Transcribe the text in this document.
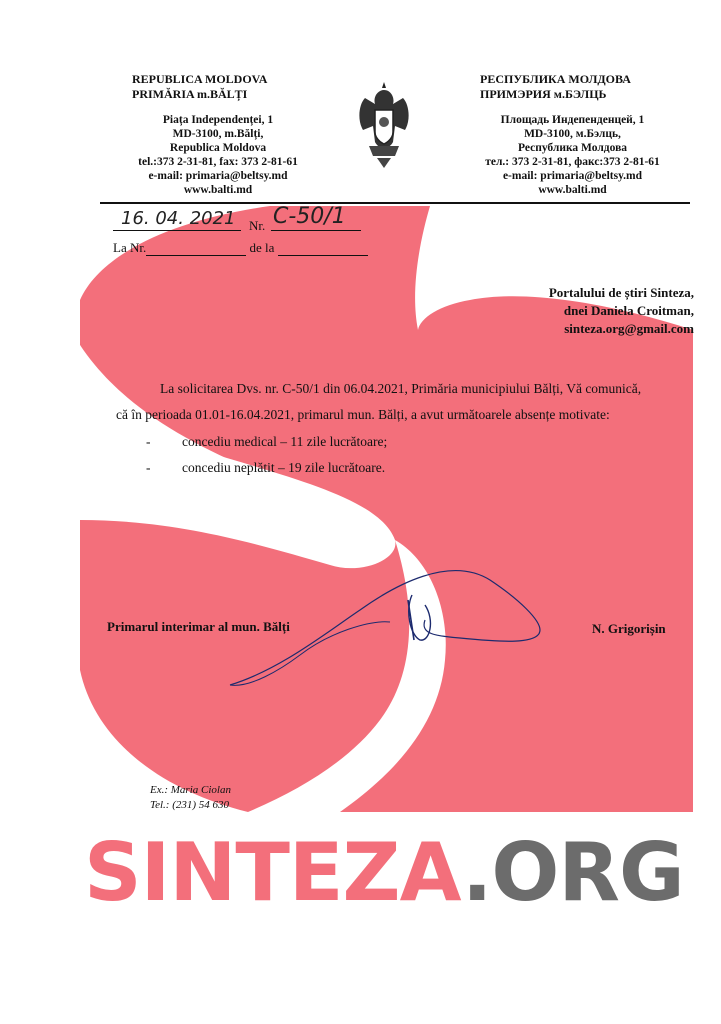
REPUBLICA MOLDOVA
PRIMĂRIA m.BĂLȚI
Piața Independenței, 1
MD-3100, m.Bălți,
Republica Moldova
tel.:373 2-31-81, fax: 373 2-81-61
e-mail: primaria@beltsy.md
www.balti.md
РЕСПУБЛИКА МОЛДОВА
ПРИМЭРИЯ м.БЭЛЦЬ
Площадь Индепенденцей, 1
MD-3100, м.Бэлць,
Республика Молдова
тел.: 373 2-31-81, факс:373 2-81-61
e-mail: primaria@beltsy.md
www.balti.md
16. 04. 2021 Nr. C-50/1
La Nr.	de la
Portalului de știri Sinteza,
dnei Daniela Croitman,
sinteza.org@gmail.com
La solicitarea Dvs. nr. C-50/1 din 06.04.2021, Primăria municipiului Bălți, Vă comunică,
că în perioada 01.01-16.04.2021, primarul mun. Bălți, a avut următoarele absențe motivate:
- concediu medical – 11 zile lucrătoare;
- concediu neplătit – 19 zile lucrătoare.
Primarul interimar al mun. Bălți	N. Grigorișin
Ex.: Maria Ciolan
Tel.: (231) 54 630
SINTEZA.ORG
